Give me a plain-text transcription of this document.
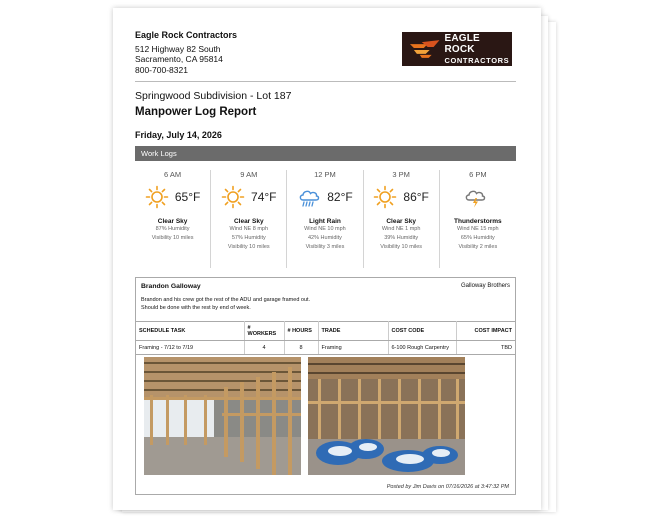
Eagle Rock Contractors
512 Highway 82 South
Sacramento, CA 95814
800-700-8321
EAGLE ROCK
CONTRACTORS
Springwood Subdivision - Lot 187
Manpower Log Report
Friday, July 14, 2026
Work Logs
6 AM
65°F
Clear Sky
87% Humidity
Visibility 10 miles
9 AM
74°F
Clear Sky
Wind NE 8 mph
57% Humidity
Visibility 10 miles
12 PM
82°F
Light Rain
Wind NE 10 mph
42% Humidity
Visibility 3 miles
3 PM
86°F
Clear Sky
Wind NE 1 mph
39% Humidity
Visibility 10 miles
6 PM
Thunderstorms
Wind NE 15 mph
65% Humidity
Visibility 2 miles
Brandon Galloway	Galloway Brothers
Brandon and his crew got the rest of the ADU and garage framed out.
Should be done with the rest by end of week.
SCHEDULE TASK	# WORKERS	# HOURS	TRADE	COST CODE	COST IMPACT
Framing - 7/12 to 7/19	4	8	Framing	6-100 Rough Carpentry	TBD
Posted by Jim Davis on 07/16/2026 at 3:47:32 PM
